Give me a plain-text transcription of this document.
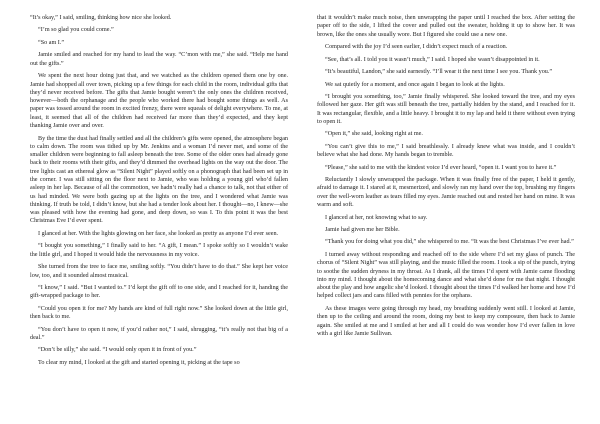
“It’s okay,” I said, smiling, thinking how nice she looked.

“I’m so glad you could come.”

“So am I.”

Jamie smiled and reached for my hand to lead the way. “C’mon with me,” she said. “Help me hand out the gifts.”

We spent the next hour doing just that, and we watched as the children opened them one by one. Jamie had shopped all over town, picking up a few things for each child in the room, individual gifts that they’d never received before. The gifts that Jamie bought weren’t the only ones the children received, however—both the orphanage and the people who worked there had bought some things as well. As paper was tossed around the room in excited frenzy, there were squeals of delight everywhere. To me, at least, it seemed that all of the children had received far more than they’d expected, and they kept thanking Jamie over and over.

By the time the dust had finally settled and all the children’s gifts were opened, the atmosphere began to calm down. The room was tidied up by Mr. Jenkins and a woman I’d never met, and some of the smaller children were beginning to fall asleep beneath the tree. Some of the older ones had already gone back to their rooms with their gifts, and they’d dimmed the overhead lights on the way out the door. The tree lights cast an ethereal glow as “Silent Night” played softly on a phonograph that had been set up in the corner. I was still sitting on the floor next to Jamie, who was holding a young girl who’d fallen asleep in her lap. Because of all the commotion, we hadn’t really had a chance to talk, not that either of us had minded. We were both gazing up at the lights on the tree, and I wondered what Jamie was thinking. If truth be told, I didn’t know, but she had a tender look about her. I thought—no, I knew—she was pleased with how the evening had gone, and deep down, so was I. To this point it was the best Christmas Eve I’d ever spent.

I glanced at her. With the lights glowing on her face, she looked as pretty as anyone I’d ever seen.

“I bought you something,” I finally said to her. “A gift, I mean.” I spoke softly so I wouldn’t wake the little girl, and I hoped it would hide the nervousness in my voice.

She turned from the tree to face me, smiling softly. “You didn’t have to do that.” She kept her voice low, too, and it sounded almost musical.

“I know,” I said. “But I wanted to.” I’d kept the gift off to one side, and I reached for it, handing the gift-wrapped package to her.

“Could you open it for me? My hands are kind of full right now.” She looked down at the little girl, then back to me.

“You don’t have to open it now, if you’d rather not,” I said, shrugging, “it’s really not that big of a deal.”

“Don’t be silly,” she said. “I would only open it in front of you.”

To clear my mind, I looked at the gift and started opening it, picking at the tape so

that it wouldn’t make much noise, then unwrapping the paper until I reached the box. After setting the paper off to the side, I lifted the cover and pulled out the sweater, holding it up to show her. It was brown, like the ones she usually wore. But I figured she could use a new one.

Compared with the joy I’d seen earlier, I didn’t expect much of a reaction.

“See, that’s all. I told you it wasn’t much,” I said. I hoped she wasn’t disappointed in it.

“It’s beautiful, Landon,” she said earnestly. “I’ll wear it the next time I see you. Thank you.”

We sat quietly for a moment, and once again I began to look at the lights.

“I brought you something, too,” Jamie finally whispered. She looked toward the tree, and my eyes followed her gaze. Her gift was still beneath the tree, partially hidden by the stand, and I reached for it. It was rectangular, flexible, and a little heavy. I brought it to my lap and held it there without even trying to open it.

“Open it,” she said, looking right at me.

“You can’t give this to me,” I said breathlessly. I already knew what was inside, and I couldn’t believe what she had done. My hands began to tremble.

“Please,” she said to me with the kindest voice I’d ever heard, “open it. I want you to have it.”

Reluctantly I slowly unwrapped the package. When it was finally free of the paper, I held it gently, afraid to damage it. I stared at it, mesmerized, and slowly ran my hand over the top, brushing my fingers over the well-worn leather as tears filled my eyes. Jamie reached out and rested her hand on mine. It was warm and soft.

I glanced at her, not knowing what to say.

Jamie had given me her Bible.

“Thank you for doing what you did,” she whispered to me. “It was the best Christmas I’ve ever had.”

I turned away without responding and reached off to the side where I’d set my glass of punch. The chorus of “Silent Night” was still playing, and the music filled the room. I took a sip of the punch, trying to soothe the sudden dryness in my throat. As I drank, all the times I’d spent with Jamie came flooding into my mind. I thought about the homecoming dance and what she’d done for me that night. I thought about the play and how angelic she’d looked. I thought about the times I’d walked her home and how I’d helped collect jars and cans filled with pennies for the orphans.

As these images were going through my head, my breathing suddenly went still. I looked at Jamie, then up to the ceiling and around the room, doing my best to keep my composure, then back to Jamie again. She smiled at me and I smiled at her and all I could do was wonder how I’d ever fallen in love with a girl like Jamie Sullivan.
